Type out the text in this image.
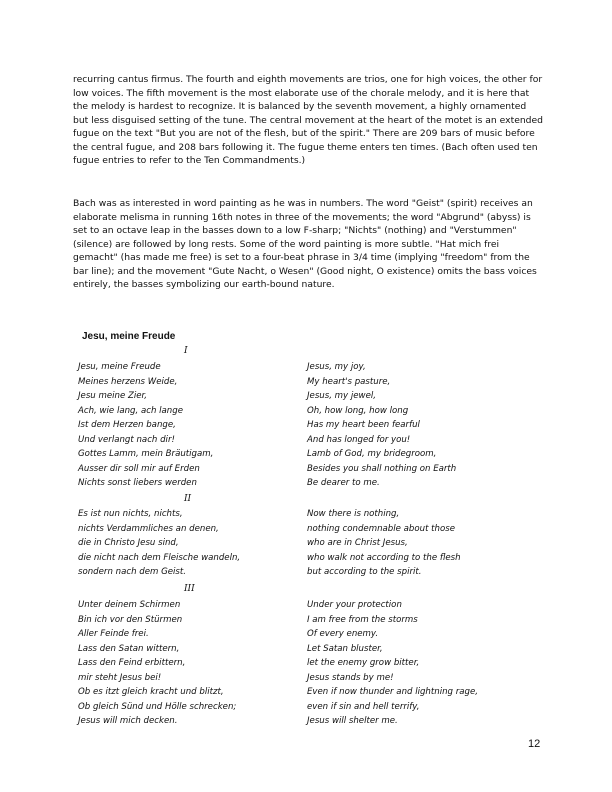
recurring cantus firmus. The fourth and eighth movements are trios, one for high voices, the other for low voices. The fifth movement is the most elaborate use of the chorale melody, and it is here that the melody is hardest to recognize. It is balanced by the seventh movement, a highly ornamented but less disguised setting of the tune. The central movement at the heart of the motet is an extended fugue on the text "But you are not of the flesh, but of the spirit." There are 209 bars of music before the central fugue, and 208 bars following it. The fugue theme enters ten times. (Bach often used ten fugue entries to refer to the Ten Commandments.)

Bach was as interested in word painting as he was in numbers. The word "Geist" (spirit) receives an elaborate melisma in running 16th notes in three of the movements; the word "Abgrund" (abyss) is set to an octave leap in the basses down to a low F-sharp; "Nichts" (nothing) and "Verstummen" (silence) are followed by long rests. Some of the word painting is more subtle. "Hat mich frei gemacht" (has made me free) is set to a four-beat phrase in 3/4 time (implying "freedom" from the bar line); and the movement "Gute Nacht, o Wesen" (Good night, O existence) omits the bass voices entirely, the basses symbolizing our earth-bound nature.

Jesu, meine Freude
I
Jesu, meine Freude
Meines herzens Weide,
Jesu meine Zier,
Ach, wie lang, ach lange
Ist dem Herzen bange,
Und verlangt nach dir!
Gottes Lamm, mein Bräutigam,
Ausser dir soll mir auf Erden
Nichts sonst liebers werden
Jesus, my joy,
My heart's pasture,
Jesus, my jewel,
Oh, how long, how long
Has my heart been fearful
And has longed for you!
Lamb of God, my bridegroom,
Besides you shall nothing on Earth
Be dearer to me.
II
Es ist nun nichts, nichts,
nichts Verdammliches an denen,
die in Christo Jesu sind,
die nicht nach dem Fleische wandeln,
sondern nach dem Geist.
Now there is nothing,
nothing condemnable about those
who are in Christ Jesus,
who walk not according to the flesh
but according to the spirit.
III
Unter deinem Schirmen
Bin ich vor den Stürmen
Aller Feinde frei.
Lass den Satan wittern,
Lass den Feind erbittern,
mir steht Jesus bei!
Ob es itzt gleich kracht und blitzt,
Ob gleich Sünd und Hölle schrecken;
Jesus will mich decken.
Under your protection
I am free from the storms
Of every enemy.
Let Satan bluster,
let the enemy grow bitter,
Jesus stands by me!
Even if now thunder and lightning rage,
even if sin and hell terrify,
Jesus will shelter me.
12
